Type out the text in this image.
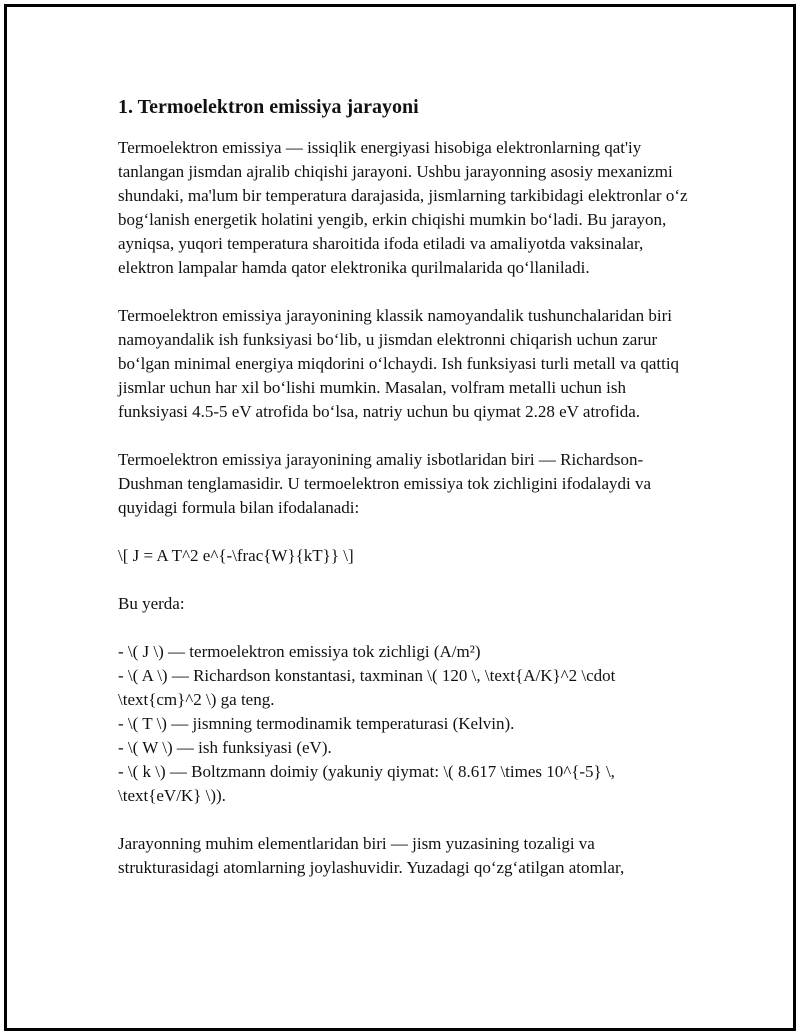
1. Termoelektron emissiya jarayoni

Termoelektron emissiya — issiqlik energiyasi hisobiga elektronlarning qat'iy tanlangan jismdan ajralib chiqishi jarayoni. Ushbu jarayonning asosiy mexanizmi shundaki, ma'lum bir temperatura darajasida, jismlarning tarkibidagi elektronlar o‘z bog‘lanish energetik holatini yengib, erkin chiqishi mumkin bo‘ladi. Bu jarayon, ayniqsa, yuqori temperatura sharoitida ifoda etiladi va amaliyotda vaksinalar, elektron lampalar hamda qator elektronika qurilmalarida qo‘llaniladi.

Termoelektron emissiya jarayonining klassik namoyandalik tushunchalaridan biri namoyandalik ish funksiyasi bo‘lib, u jismdan elektronni chiqarish uchun zarur bo‘lgan minimal energiya miqdorini o‘lchaydi. Ish funksiyasi turli metall va qattiq jismlar uchun har xil bo‘lishi mumkin. Masalan, volfram metalli uchun ish funksiyasi 4.5-5 eV atrofida bo‘lsa, natriy uchun bu qiymat 2.28 eV atrofida.

Termoelektron emissiya jarayonining amaliy isbotlaridan biri — Richardson-Dushman tenglamasidir. U termoelektron emissiya tok zichligini ifodalaydi va quyidagi formula bilan ifodalanadi:

\[ J = A T^2 e^{-\frac{W}{kT}} \]

Bu yerda:

- \( J \) — termoelektron emissiya tok zichligi (A/m²)
- \( A \) — Richardson konstantasi, taxminan \( 120 \, \text{A/K}^2 \cdot \text{cm}^2 \) ga teng.
- \( T \) — jismning termodinamik temperaturasi (Kelvin).
- \( W \) — ish funksiyasi (eV).
- \( k \) — Boltzmann doimiy (yakuniy qiymat: \( 8.617 \times 10^{-5} \, \text{eV/K} \)).

Jarayonning muhim elementlaridan biri — jism yuzasining tozaligi va strukturasidagi atomlarning joylashuvidir. Yuzadagi qo‘zg‘atilgan atomlar,
